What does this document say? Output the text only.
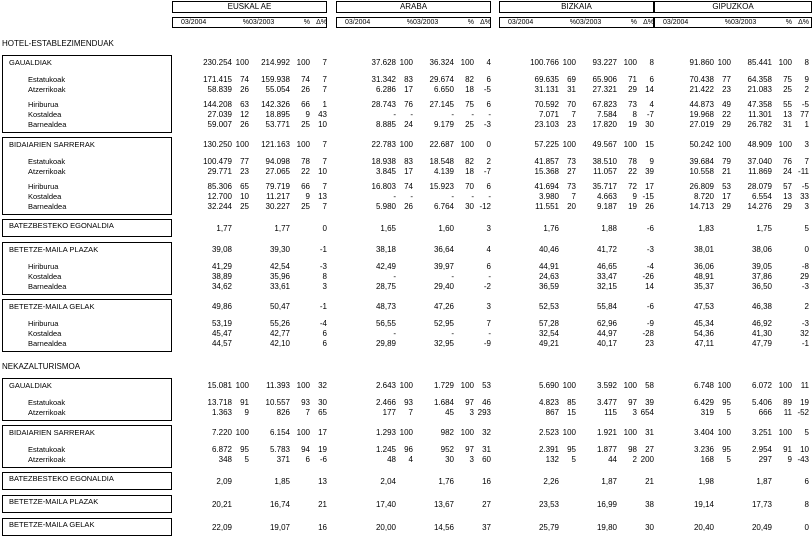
EUSKAL AE
03/2004	% 03/2003	% Δ%
ARABA
03/2004	% 03/2003	% Δ%
BIZKAIA
03/2004	% 03/2003	% Δ%
GIPUZKOA
03/2004	% 03/2003	% Δ%
HOTEL-ESTABLEZIMENDUAK
GAUALDIAK	230.254 100	214.992 100	7	37.628 100	36.324 100	4	100.766 100	93.227 100	8	91.860 100	85.441 100	8
Estatukoak	171.415	74	159.938	74	7	31.342	83	29.674	82	6	69.635	69	65.906	71	6	70.438	77	64.358	75	9
Atzerrikoak	58.839	26	55.054	26	7	6.286	17	6.650	18	-5	31.131	31	27.321	29	14	21.422	23	21.083	25	2
Hiriburua	144.208	63	142.326	66	1	28.743	76	27.145	75	6	70.592	70	67.823	73	4	44.873	49	47.358	55	-5
Kostaldea	27.039	12	18.895	9	43	-	-	-	-	-	7.071	7	7.584	8	-7	19.968	22	11.301	13	77
Barnealdea	59.007	26	53.771	25	10	8.885	24	9.179	25	-3	23.103	23	17.820	19	30	27.019	29	26.782	31	1
BIDAIARIEN SARRERAK	130.250 100	121.163 100	7	22.783 100	22.687 100	0	57.225 100	49.567 100	15	50.242 100	48.909 100	3
Estatukoak	100.479	77	94.098	78	7	18.938	83	18.548	82	2	41.857	73	38.510	78	9	39.684	79	37.040	76	7
Atzerrikoak	29.771	23	27.065	22	10	3.845	17	4.139	18	-7	15.368	27	11.057	22	39	10.558	21	11.869	24 -11
Hiriburua	85.306	65	79.719	66	7	16.803	74	15.923	70	6	41.694	73	35.717	72	17	26.809	53	28.079	57	-5
Kostaldea	12.700	10	11.217	9	13	-	-	-	-	-	3.980	7	4.663	9 -15	8.720	17	6.554	13	33
Barnealdea	32.244	25	30.227	25	7	5.980	26	6.764	30 -12	11.551	20	9.187	19	26	14.713	29	14.276	29	3
BATEZBESTEKO EGONALDIA	1,77	1,77	0	1,65	1,60	3	1,76	1,88	-6	1,83	1,75	5
BETETZE-MAILA PLAZAK	39,08	39,30	-1	38,18	36,64	4	40,46	41,72	-3	38,01	38,06	0
Hiriburua	41,29	42,54	-3	42,49	39,97	6	44,91	46,65	-4	36,06	39,05	-8
Kostaldea	38,89	35,96	8	-	-	-	24,63	33,47	-26	48,91	37,86	29
Barnealdea	34,62	33,61	3	28,75	29,40	-2	36,59	32,15	14	35,37	36,50	-3
BETETZE-MAILA GELAK	49,86	50,47	-1	48,73	47,26	3	52,53	55,84	-6	47,53	46,38	2
Hiriburua	53,19	55,26	-4	56,55	52,95	7	57,28	62,96	-9	45,34	46,92	-3
Kostaldea	45,47	42,77	6	-	-	-	32,54	44,97	-28	54,36	41,30	32
Barnealdea	44,57	42,10	6	29,89	32,95	-9	49,21	40,17	23	47,11	47,79	-1
NEKAZALTURISMOA
GAUALDIAK	15.081 100	11.393 100	32	2.643 100	1.729 100	53	5.690 100	3.592 100	58	6.748 100	6.072 100	11
Estatukoak	13.718	91	10.557	93	30	2.466	93	1.684	97	46	4.823	85	3.477	97	39	6.429	95	5.406	89	19
Atzerrikoak	1.363	9	826	7	65	177	7	45	3 293	867	15	115	3 654	319	5	666	11 -52
BIDAIARIEN SARRERAK	7.220 100	6.154 100	17	1.293 100	982 100	32	2.523 100	1.921 100	31	3.404 100	3.251 100	5
Estatukoak	6.872	95	5.783	94	19	1.245	96	952	97	31	2.391	95	1.877	98	27	3.236	95	2.954	91	10
Atzerrikoak	348	5	371	6	-6	48	4	30	3	60	132	5	44	2 200	168	5	297	9 -43
BATEZBESTEKO EGONALDIA	2,09	1,85	13	2,04	1,76	16	2,26	1,87	21	1,98	1,87	6
BETETZE-MAILA PLAZAK	20,21	16,74	21	17,40	13,67	27	23,53	16,99	38	19,14	17,73	8
BETETZE-MAILA GELAK	22,09	19,07	16	20,00	14,56	37	25,79	19,80	30	20,40	20,49	0
